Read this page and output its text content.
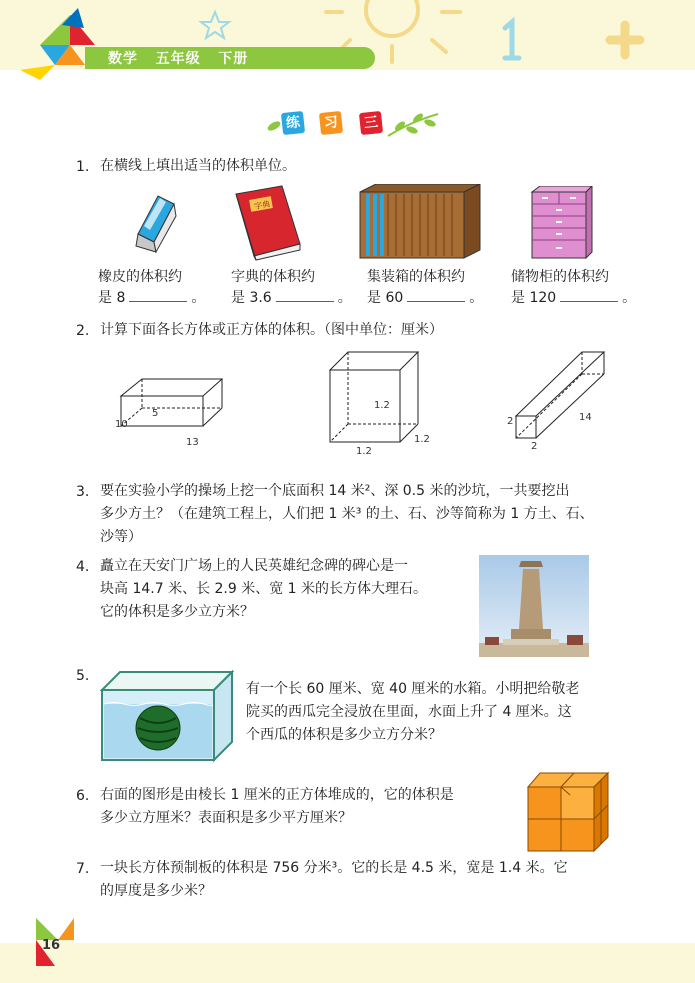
数学 五年级 下册
练	习	三
1. 在横线上填出适当的体积单位。
字典
橡皮的体积约
是 8	。
字典的体积约
是 3.6	。
集装箱的体积约
是 60	。
储物柜的体积约
是 120	。
2. 计算下面各长方体或正方体的体积。（图中单位：厘米）
5
10
13
1.2
1.2
1.2
2
2
14
3. 要在实验小学的操场上挖一个底面积 14 米²、深 0.5 米的沙坑，一共要挖出
多少方土？（在建筑工程上，人们把 1 米³ 的土、石、沙等简称为 1 方土、石、
沙等）
4. 矗立在天安门广场上的人民英雄纪念碑的碑心是一
块高 14.7 米、长 2.9 米、宽 1 米的长方体大理石。
它的体积是多少立方米？
5.
有一个长 60 厘米、宽 40 厘米的水箱。小明把给敬老
院买的西瓜完全浸放在里面，水面上升了 4 厘米。这
个西瓜的体积是多少立方分米？
6. 右面的图形是由棱长 1 厘米的正方体堆成的，它的体积是
多少立方厘米？表面积是多少平方厘米？
7. 一块长方体预制板的体积是 756 分米³。它的长是 4.5 米，宽是 1.4 米。它
的厚度是多少米？
16
